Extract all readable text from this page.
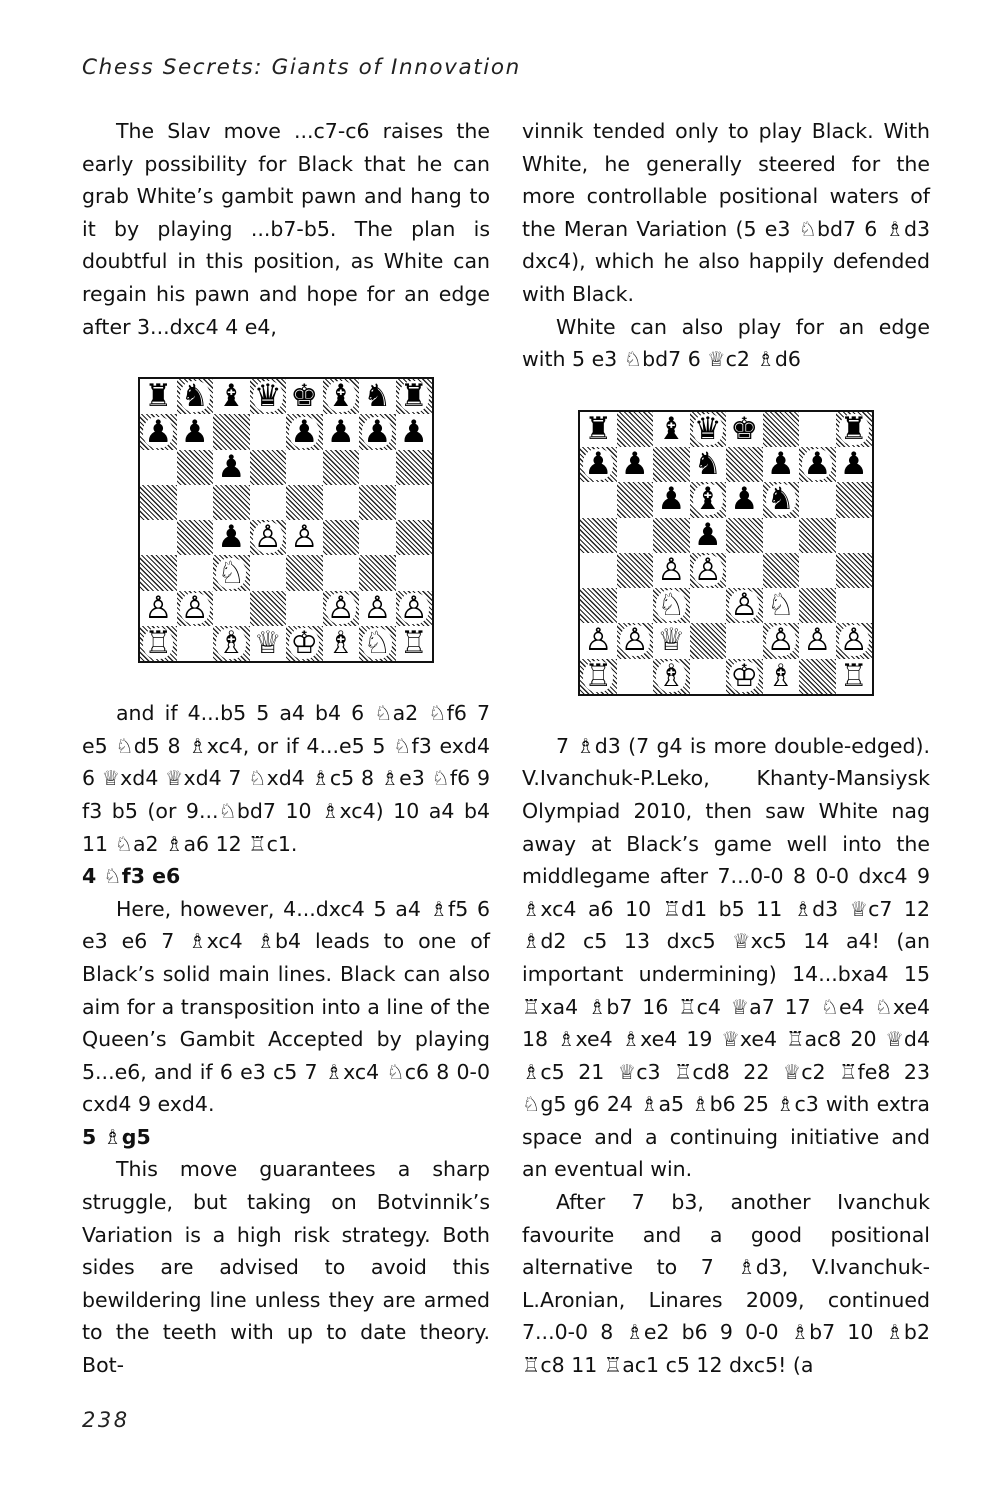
Chess Secrets: Giants of Innovation

The Slav move ...c7-c6 raises the early possibility for Black that he can grab White’s gambit pawn and hang to it by playing ...b7-b5. The plan is doubtful in this position, as White can regain his pawn and hope for an edge after 3...dxc4 4 e4,

♜ ♞ ♝ ♛ ♚ ♝ ♞ ♜
♟ ♟	♟ ♟ ♟ ♟
♟
♟ ♙ ♙
♘
♙ ♙	♙ ♙ ♙
♖ ♗ ♕ ♔ ♗ ♘ ♖

and if 4...b5 5 a4 b4 6 ♘a2 ♘f6 7 e5 ♘d5 8 ♗xc4, or if 4...e5 5 ♘f3 exd4 6 ♕xd4 ♕xd4 7 ♘xd4 ♗c5 8 ♗e3 ♘f6 9 f3 b5 (or 9...♘bd7 10 ♗xc4) 10 a4 b4 11 ♘a2 ♗a6 12 ♖c1.

4 ♘f3 e6

Here, however, 4...dxc4 5 a4 ♗f5 6 e3 e6 7 ♗xc4 ♗b4 leads to one of Black’s solid main lines. Black can also aim for a transposition into a line of the Queen’s Gambit Accepted by playing 5...e6, and if 6 e3 c5 7 ♗xc4 ♘c6 8 0-0 cxd4 9 exd4.

5 ♗g5

This move guarantees a sharp struggle, but taking on Botvinnik’s Variation is a high risk strategy. Both sides are advised to avoid this bewildering line unless they are armed to the teeth with up to date theory. Bot-

vinnik tended only to play Black. With White, he generally steered for the more controllable positional waters of the Meran Variation (5 e3 ♘bd7 6 ♗d3 dxc4), which he also happily defended with Black.

White can also play for an edge with 5 e3 ♘bd7 6 ♕c2 ♗d6

♜ ♝ ♛ ♚	♜
♟ ♟ ♞ ♟ ♟ ♟
♟ ♝ ♟ ♞
♟
♙ ♙
♘ ♙ ♘
♙ ♙ ♕	♙ ♙ ♙
♖ ♗ ♔ ♗ ♖

7 ♗d3 (7 g4 is more double-edged). V.Ivanchuk-P.Leko, Khanty-Mansiysk Olympiad 2010, then saw White nag away at Black’s game well into the middlegame after 7...0-0 8 0-0 dxc4 9 ♗xc4 a6 10 ♖d1 b5 11 ♗d3 ♕c7 12 ♗d2 c5 13 dxc5 ♕xc5 14 a4! (an important undermining) 14...bxa4 15 ♖xa4 ♗b7 16 ♖c4 ♕a7 17 ♘e4 ♘xe4 18 ♗xe4 ♗xe4 19 ♕xe4 ♖ac8 20 ♕d4 ♗c5 21 ♕c3 ♖cd8 22 ♕c2 ♖fe8 23 ♘g5 g6 24 ♗a5 ♗b6 25 ♗c3 with extra space and a continuing initiative and an eventual win.

After 7 b3, another Ivanchuk favourite and a good positional alternative to 7 ♗d3, V.Ivanchuk-L.Aronian, Linares 2009, continued 7...0-0 8 ♗e2 b6 9 0-0 ♗b7 10 ♗b2 ♖c8 11 ♖ac1 c5 12 dxc5! (a

238
